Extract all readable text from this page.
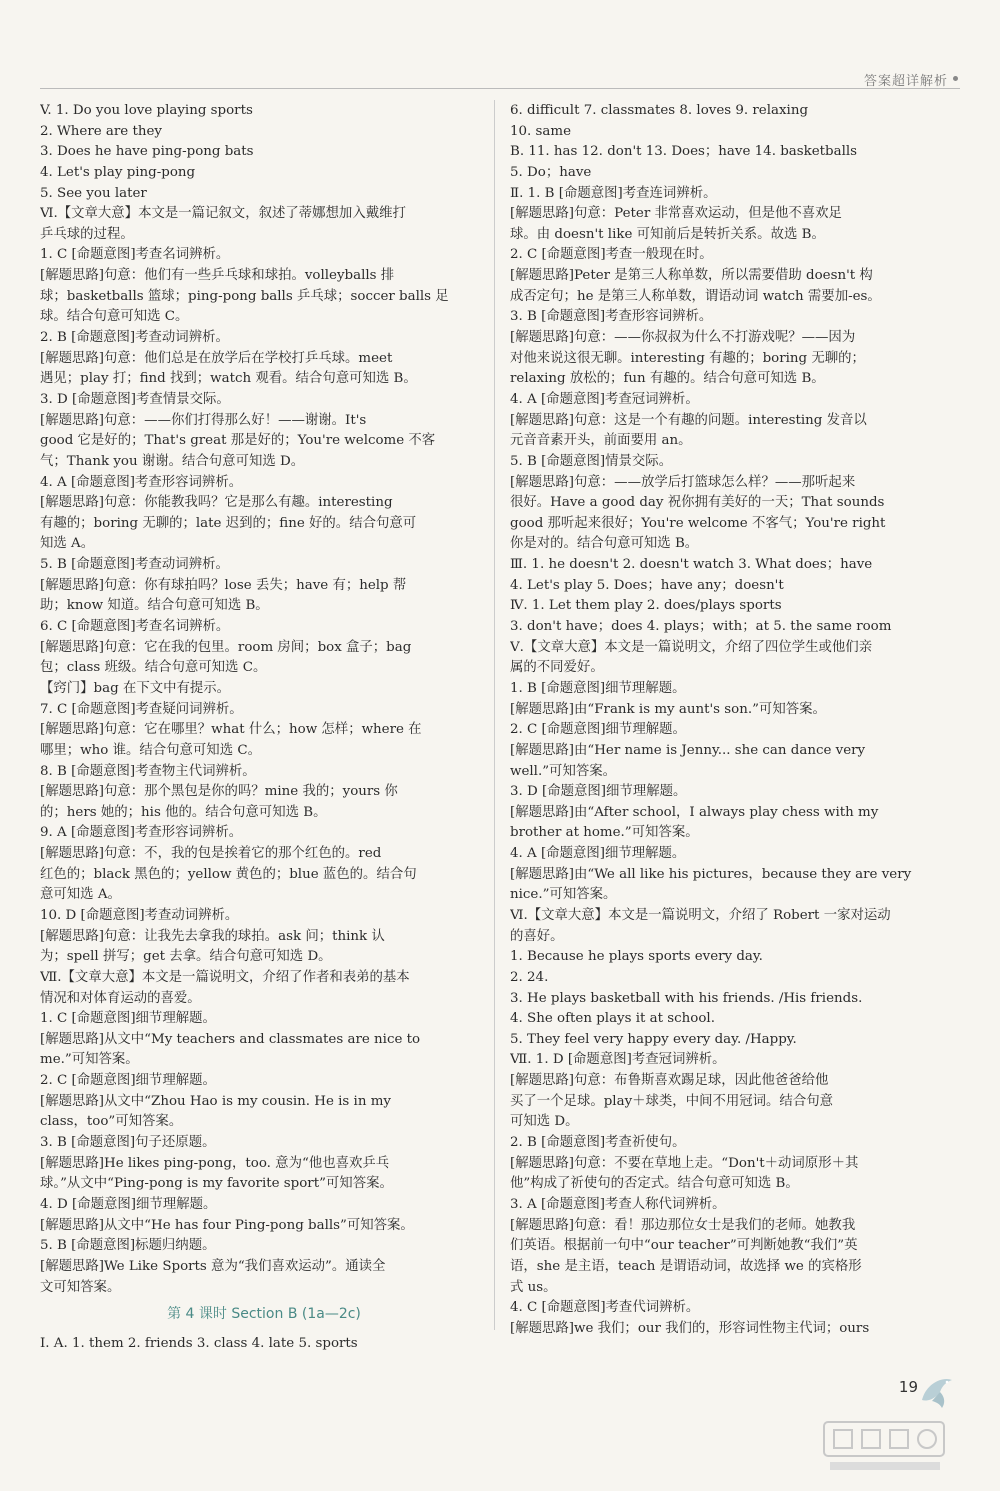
答案超详解析
V. 1. Do you love playing sports
2. Where are they
3. Does he have ping-pong bats
4. Let's play ping-pong
5. See you later
Ⅵ.【文章大意】本文是一篇记叙文，叙述了蒂娜想加入戴维打
乒乓球的过程。
1. C [命题意图]考查名词辨析。
[解题思路]句意：他们有一些乒乓球和球拍。volleyballs 排
球；basketballs 篮球；ping-pong balls 乒乓球；soccer balls 足
球。结合句意可知选 C。
2. B [命题意图]考查动词辨析。
[解题思路]句意：他们总是在放学后在学校打乒乓球。meet
遇见；play 打；find 找到；watch 观看。结合句意可知选 B。
3. D [命题意图]考查情景交际。
[解题思路]句意：——你们打得那么好！——谢谢。It's
good 它是好的；That's great 那是好的；You're welcome 不客
气；Thank you 谢谢。结合句意可知选 D。
4. A [命题意图]考查形容词辨析。
[解题思路]句意：你能教我吗？它是那么有趣。interesting
有趣的；boring 无聊的；late 迟到的；fine 好的。结合句意可
知选 A。
5. B [命题意图]考查动词辨析。
[解题思路]句意：你有球拍吗？lose 丢失；have 有；help 帮
助；know 知道。结合句意可知选 B。
6. C [命题意图]考查名词辨析。
[解题思路]句意：它在我的包里。room 房间；box 盒子；bag
包；class 班级。结合句意可知选 C。
【窍门】bag 在下文中有提示。
7. C [命题意图]考查疑问词辨析。
[解题思路]句意：它在哪里？what 什么；how 怎样；where 在
哪里；who 谁。结合句意可知选 C。
8. B [命题意图]考查物主代词辨析。
[解题思路]句意：那个黑包是你的吗？mine 我的；yours 你
的；hers 她的；his 他的。结合句意可知选 B。
9. A [命题意图]考查形容词辨析。
[解题思路]句意：不，我的包是挨着它的那个红色的。red
红色的；black 黑色的；yellow 黄色的；blue 蓝色的。结合句
意可知选 A。
10. D [命题意图]考查动词辨析。
[解题思路]句意：让我先去拿我的球拍。ask 问；think 认
为；spell 拼写；get 去拿。结合句意可知选 D。
Ⅶ.【文章大意】本文是一篇说明文，介绍了作者和表弟的基本
情况和对体育运动的喜爱。
1. C [命题意图]细节理解题。
[解题思路]从文中“My teachers and classmates are nice to
me.”可知答案。
2. C [命题意图]细节理解题。
[解题思路]从文中“Zhou Hao is my cousin. He is in my
class，too”可知答案。
3. B [命题意图]句子还原题。
[解题思路]He likes ping-pong，too. 意为“他也喜欢乒乓
球。”从文中“Ping-pong is my favorite sport”可知答案。
4. D [命题意图]细节理解题。
[解题思路]从文中“He has four Ping-pong balls”可知答案。
5. B [命题意图]标题归纳题。
[解题思路]We Like Sports 意为“我们喜欢运动”。通读全
文可知答案。
第 4 课时 Section B (1a—2c)
Ⅰ. A. 1. them 2. friends 3. class 4. late 5. sports
6. difficult 7. classmates 8. loves 9. relaxing
10. same
B. 11. has 12. don't 13. Does；have 14. basketballs
5. Do；have
Ⅱ. 1. B [命题意图]考查连词辨析。
[解题思路]句意：Peter 非常喜欢运动，但是他不喜欢足
球。由 doesn't like 可知前后是转折关系。故选 B。
2. C [命题意图]考查一般现在时。
[解题思路]Peter 是第三人称单数，所以需要借助 doesn't 构
成否定句；he 是第三人称单数，谓语动词 watch 需要加-es。
3. B [命题意图]考查形容词辨析。
[解题思路]句意：——你叔叔为什么不打游戏呢？——因为
对他来说这很无聊。interesting 有趣的；boring 无聊的；
relaxing 放松的；fun 有趣的。结合句意可知选 B。
4. A [命题意图]考查冠词辨析。
[解题思路]句意：这是一个有趣的问题。interesting 发音以
元音音素开头，前面要用 an。
5. B [命题意图]情景交际。
[解题思路]句意：——放学后打篮球怎么样？——那听起来
很好。Have a good day 祝你拥有美好的一天；That sounds
good 那听起来很好；You're welcome 不客气；You're right
你是对的。结合句意可知选 B。
Ⅲ. 1. he doesn't 2. doesn't watch 3. What does；have
4. Let's play 5. Does；have any；doesn't
Ⅳ. 1. Let them play 2. does/plays sports
3. don't have；does 4. plays；with；at 5. the same room
Ⅴ.【文章大意】本文是一篇说明文，介绍了四位学生或他们亲
属的不同爱好。
1. B [命题意图]细节理解题。
[解题思路]由“Frank is my aunt's son.”可知答案。
2. C [命题意图]细节理解题。
[解题思路]由“Her name is Jenny... she can dance very
well.”可知答案。
3. D [命题意图]细节理解题。
[解题思路]由“After school，I always play chess with my
brother at home.”可知答案。
4. A [命题意图]细节理解题。
[解题思路]由“We all like his pictures，because they are very
nice.”可知答案。
Ⅵ.【文章大意】本文是一篇说明文，介绍了 Robert 一家对运动
的喜好。
1. Because he plays sports every day.
2. 24.
3. He plays basketball with his friends. /His friends.
4. She often plays it at school.
5. They feel very happy every day. /Happy.
Ⅶ. 1. D [命题意图]考查冠词辨析。
[解题思路]句意：布鲁斯喜欢踢足球，因此他爸爸给他
买了一个足球。play＋球类，中间不用冠词。结合句意
可知选 D。
2. B [命题意图]考查祈使句。
[解题思路]句意：不要在草地上走。“Don't＋动词原形＋其
他”构成了祈使句的否定式。结合句意可知选 B。
3. A [命题意图]考查人称代词辨析。
[解题思路]句意：看！那边那位女士是我们的老师。她教我
们英语。根据前一句中“our teacher”可判断她教“我们”英
语，she 是主语，teach 是谓语动词，故选择 we 的宾格形
式 us。
4. C [命题意图]考查代词辨析。
[解题思路]we 我们；our 我们的，形容词性物主代词；ours
19
